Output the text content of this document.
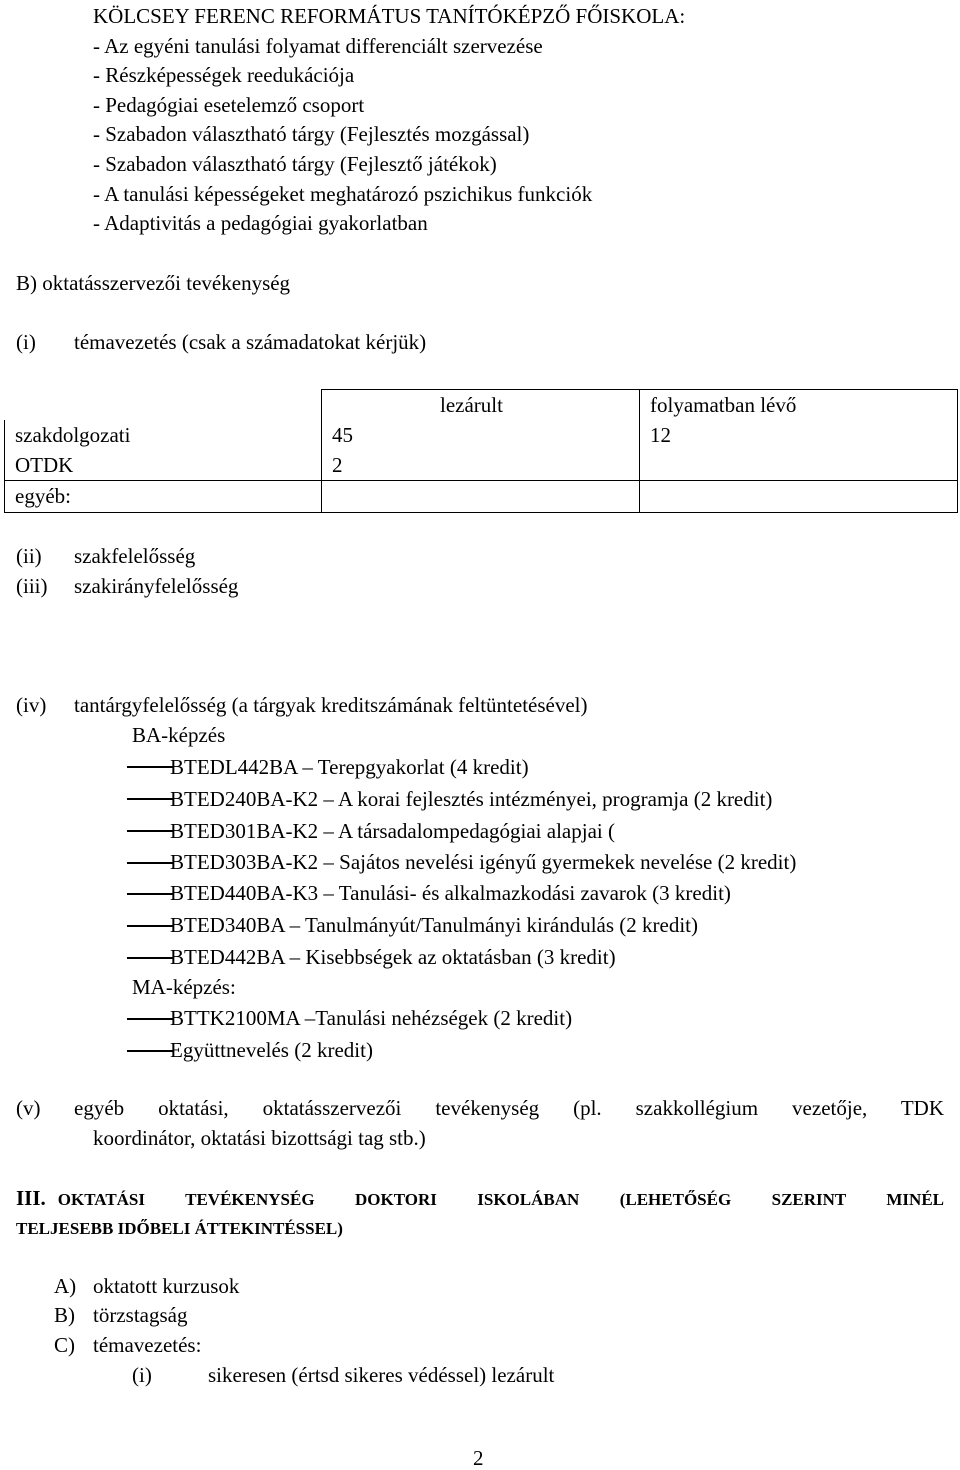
KÖLCSEY FERENC REFORMÁTUS TANÍTÓKÉPZŐ FŐISKOLA:
- Az egyéni tanulási folyamat differenciált szervezése
- Részképességek reedukációja
- Pedagógiai esetelemző csoport
- Szabadon választható tárgy (Fejlesztés mozgással)
- Szabadon választható tárgy (Fejlesztő játékok)
- A tanulási képességeket meghatározó pszichikus funkciók
- Adaptivitás a pedagógiai gyakorlatban
B) oktatásszervezői tevékenység
(i) témavezetés (csak a számadatokat kérjük)
	lezárult	folyamatban lévő
szakdolgozati	45	12
OTDK	2	
egyéb:		
(ii) szakfelelősség
(iii) szakirányfelelősség
(iv) tantárgyfelelősség (a tárgyak kreditszámának feltüntetésével)
BA-képzés
BTEDL442BA – Terepgyakorlat (4 kredit)
BTED240BA-K2 – A korai fejlesztés intézményei, programja (2 kredit)
BTED301BA-K2 – A társadalompedagógiai alapjai (
BTED303BA-K2 – Sajátos nevelési igényű gyermekek nevelése (2 kredit)
BTED440BA-K3 – Tanulási- és alkalmazkodási zavarok (3 kredit)
BTED340BA – Tanulmányút/Tanulmányi kirándulás (2 kredit)
BTED442BA – Kisebbségek az oktatásban (3 kredit)
MA-képzés:
BTTK2100MA –Tanulási nehézségek (2 kredit)
Együttnevelés (2 kredit)
(v) egyéb oktatási, oktatásszervezői tevékenység (pl. szakkollégium vezetője, TDK
koordinátor, oktatási bizottsági tag stb.)
III. OKTATÁSI TEVÉKENYSÉG DOKTORI ISKOLÁBAN (LEHETŐSÉG SZERINT MINÉL
TELJESEBB IDŐBELI ÁTTEKINTÉSSEL)
A) oktatott kurzusok
B) törzstagság
C) témavezetés:
(i)	sikeresen (értsd sikeres védéssel) lezárult
2
